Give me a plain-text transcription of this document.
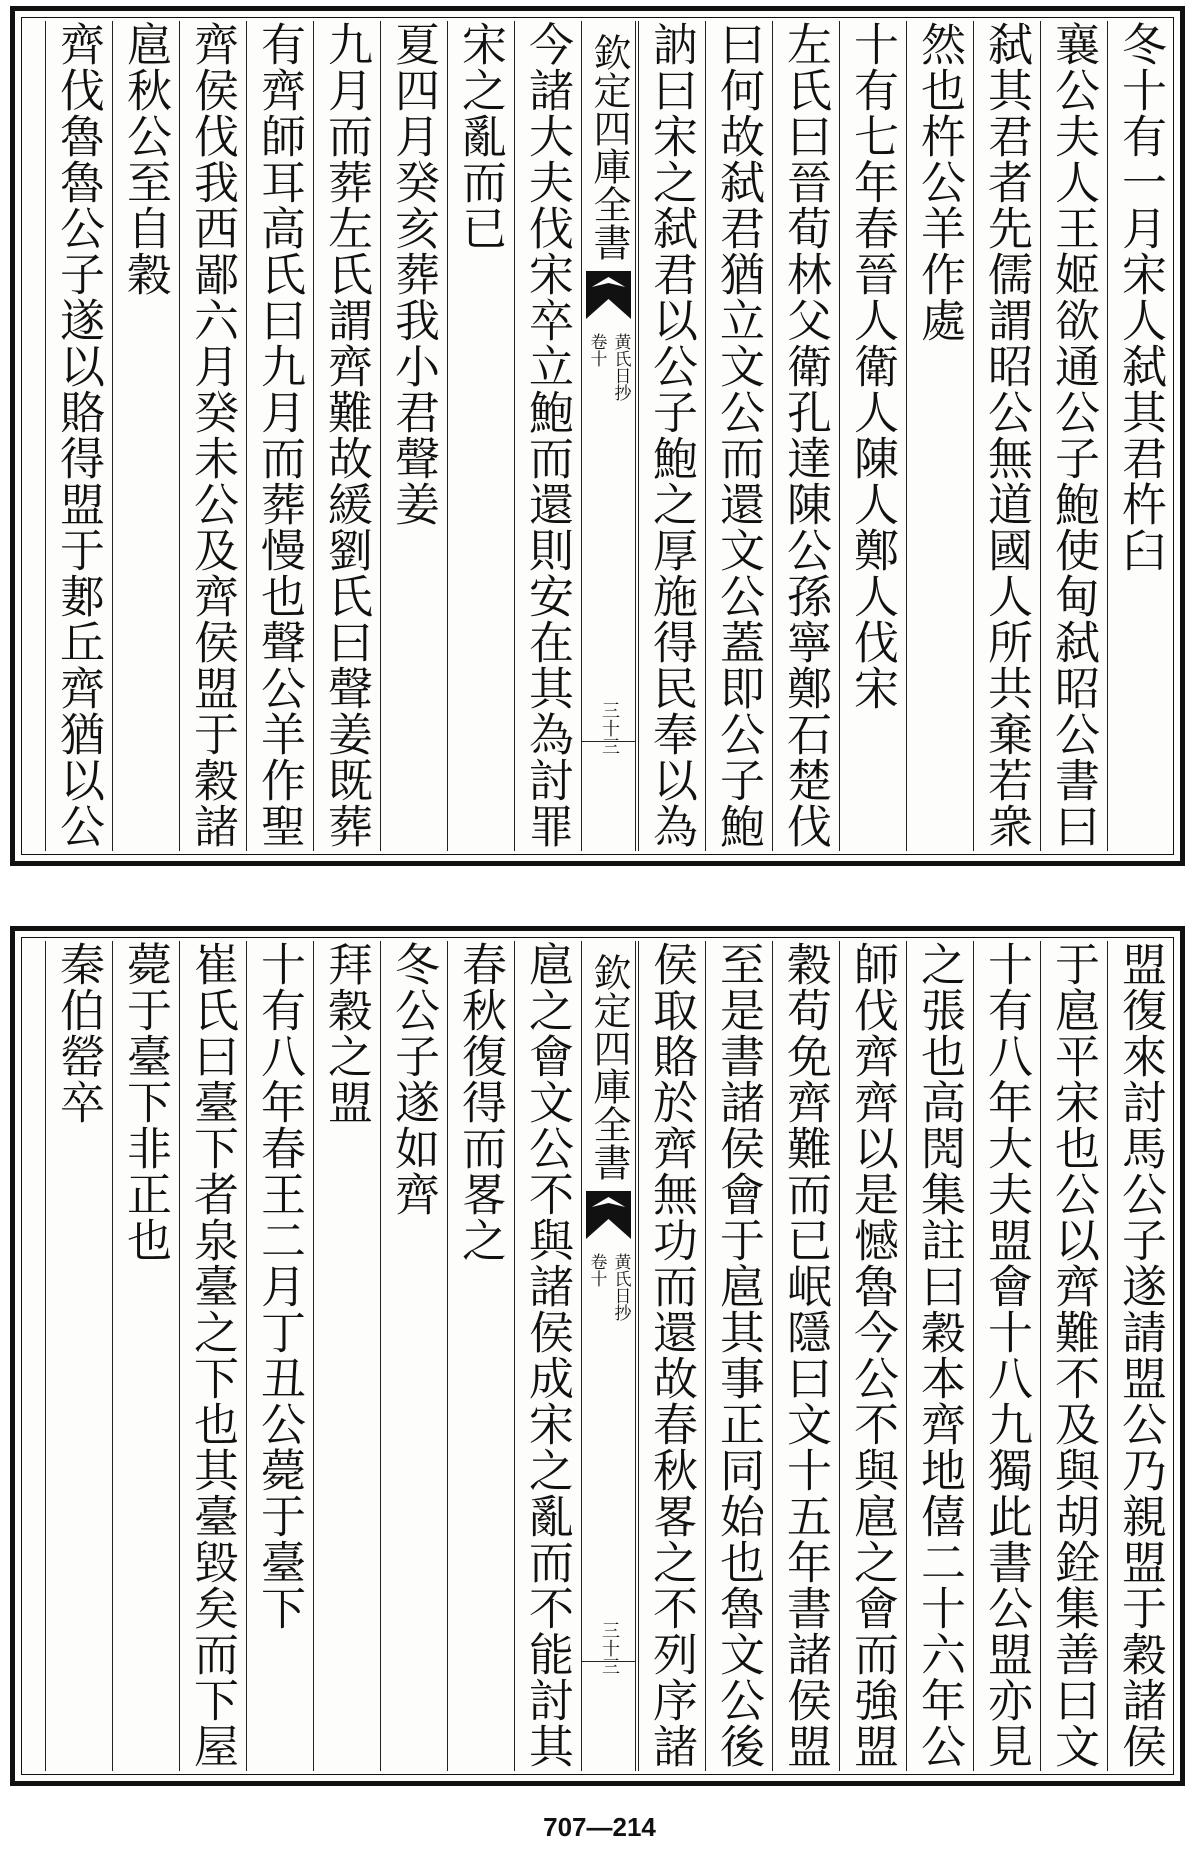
冬十有一月宋人弑其君杵臼
襄公夫人王姬欲通公子鮑使甸弑昭公書曰
弑其君者先儒謂昭公無道國人所共棄若衆
然也杵公羊作處
十有七年春晉人衛人陳人鄭人伐宋
左氏曰晉荀林父衛孔達陳公孫寧鄭石楚伐
曰何故弑君猶立文公而還文公蓋即公子鮑
訥曰宋之弑君以公子鮑之厚施得民奉以為
欽定四庫全書
黄氏日抄
卷十
三十三
今諸大夫伐宋卒立鮑而還則安在其為討罪
宋之亂而已
夏四月癸亥葬我小君聲姜
九月而葬左氏謂齊難故緩劉氏曰聲姜既葬
有齊師耳高氏曰九月而葬慢也聲公羊作聖
齊侯伐我西鄙六月癸未公及齊侯盟于穀諸
扈秋公至自穀
齊伐魯魯公子遂以賂得盟于郪丘齊猶以公
盟復來討馬公子遂請盟公乃親盟于穀諸侯
于扈平宋也公以齊難不及與胡銓集善曰文
十有八年大夫盟會十八九獨此書公盟亦見
之張也高閌集註曰穀本齊地僖二十六年公
師伐齊齊以是憾魯今公不與扈之會而強盟
穀苟免齊難而已岷隱曰文十五年書諸侯盟
至是書諸侯會于扈其事正同始也魯文公後
侯取賂於齊無功而還故春秋畧之不列序諸
欽定四庫全書
黄氏日抄
卷十
三十三
扈之會文公不與諸侯成宋之亂而不能討其
春秋復得而畧之
冬公子遂如齊
拜穀之盟
十有八年春王二月丁丑公薨于臺下
崔氏曰臺下者泉臺之下也其臺毀矣而下屋
薨于臺下非正也
秦伯罃卒
707—214
